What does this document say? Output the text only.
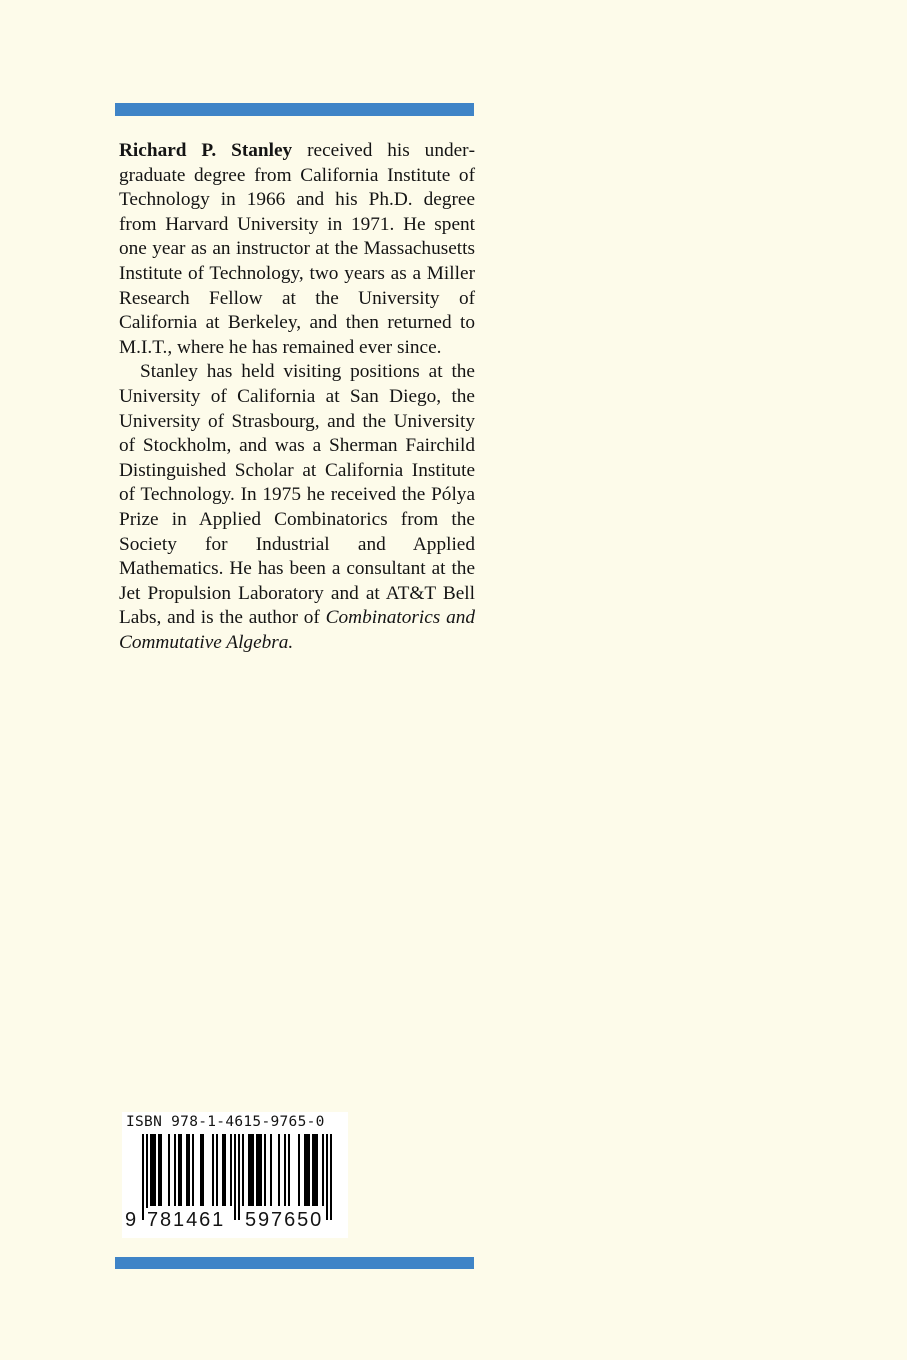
Richard P. Stanley received his undergraduate degree from California Institute of Technology in 1966 and his Ph.D. degree from Harvard University in 1971. He spent one year as an instructor at the Massachusetts Institute of Technology, two years as a Miller Research Fellow at the University of California at Berkeley, and then returned to M.I.T., where he has remained ever since.

Stanley has held visiting positions at the University of California at San Diego, the University of Strasbourg, and the University of Stockholm, and was a Sherman Fairchild Distinguished Scholar at California Institute of Technology. In 1975 he received the Pólya Prize in Applied Combinatorics from the Society for Industrial and Applied Mathematics. He has been a consultant at the Jet Propulsion Laboratory and at AT&T Bell Labs, and is the author of Combinatorics and Commutative Algebra.

ISBN 978-1-4615-9765-0
9 781461 597650
